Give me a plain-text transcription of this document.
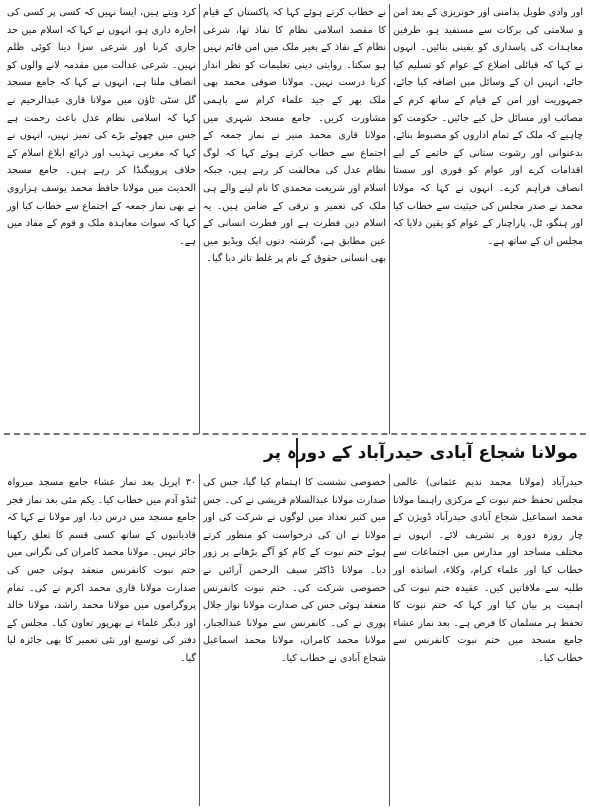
اور وادی طویل بدامنی اور خونریزی کے بعد امن و سلامتی کی برکات سے مستفید ہو، طرفین معاہدات کی پاسداری کو یقینی بنائیں۔ انہوں نے کہا کہ قبائلی اضلاع کے عوام کو تسلیم کیا جائے، انہیں ان کے وسائل میں اضافہ کیا جائے، جمہوریت اور امن کے قیام کے ساتھ کرم کے مصائب اور مسائل حل کیے جائیں۔ حکومت کو چاہیے کہ ملک کے تمام اداروں کو مضبوط بنائے، بدعنوانی اور رشوت ستانی کے خاتمے کے لیے اقدامات کرے اور عوام کو فوری اور سستا انصاف فراہم کرے۔ انہوں نے کہا کہ مولانا محمد نے صدر مجلس کی حیثیت سے خطاب کیا اور ہنگو، ٹل، پاراچنار کے عوام کو یقین دلایا کہ مجلس ان کے ساتھ ہے۔

نے خطاب کرتے ہوئے کہا کہ پاکستان کے قیام کا مقصد اسلامی نظام کا نفاذ تھا، شرعی نظام کے نفاذ کے بغیر ملک میں امن قائم نہیں ہو سکتا۔ روایتی دینی تعلیمات کو نظر انداز کرنا درست نہیں۔ مولانا صوفی محمد بھی ملک بھر کے جید علماء کرام سے باہمی مشاورت کریں۔ جامع مسجد شہری میں مولانا قاری محمد منیر نے نماز جمعہ کے اجتماع سے خطاب کرتے ہوئے کہا کہ لوگ نظام عدل کی مخالفت کر رہے ہیں، جبکہ اسلام اور شریعت محمدی کا نام لینے والے ہی ملک کی تعمیر و ترقی کے ضامن ہیں۔ یہ اسلام دین فطرت ہے اور فطرت انسانی کے عین مطابق ہے، گزشتہ دنوں ایک ویڈیو میں بھی انسانی حقوق کے نام پر غلط تاثر دیا گیا۔

کرد ویتے ہیں، ایسا نہیں کہ کسی پر کسی کی اجارہ داری ہو، انہوں نے کہا کہ اسلام میں حد جاری کرنا اور شرعی سزا دینا کوئی ظلم نہیں۔ شرعی عدالت میں مقدمہ لانے والوں کو انصاف ملتا ہے، انہوں نے کہا کہ جامع مسجد گل سٹی ٹاؤن میں مولانا قاری عبدالرحیم نے کہا کہ اسلامی نظام عدل باعث رحمت ہے جس میں چھوٹے بڑے کی تمیز نہیں، انہوں نے کہا کہ مغربی تہذیب اور ذرائع ابلاغ اسلام کے خلاف پروپیگنڈا کر رہے ہیں۔ جامع مسجد الحدیث میں مولانا حافظ محمد یوسف ہزاروی نے بھی نماز جمعہ کے اجتماع سے خطاب کیا اور کہا کہ سوات معاہدہ ملک و قوم کے مفاد میں ہے۔

مولانا شجاع آبادی حیدرآباد کے دورہ پر

حیدرآباد (مولانا محمد ندیم عثمانی) عالمی مجلس تحفظ ختم نبوت کے مرکزی راہنما مولانا محمد اسماعیل شجاع آبادی حیدرآباد ڈویژن کے چار روزہ دورہ پر تشریف لائے۔ انہوں نے مختلف مساجد اور مدارس میں اجتماعات سے خطاب کیا اور علماء کرام، وکلاء، اساتذہ اور طلبہ سے ملاقاتیں کیں۔ عقیدہ ختم نبوت کی اہمیت پر بیان کیا اور کہا کہ ختم نبوت کا تحفظ ہر مسلمان کا فرض ہے۔ بعد نماز عشاء جامع مسجد میں ختم نبوت کانفرنس سے خطاب کیا۔

خصوصی نشست کا اہتمام کیا گیا، جس کی صدارت مولانا عبدالسلام قریشی نے کی۔ جس میں کثیر تعداد میں لوگوں نے شرکت کی اور مولانا نے ان کی درخواست کو منظور کرتے ہوئے ختم نبوت کے کام کو آگے بڑھانے پر زور دیا۔ مولانا ڈاکٹر سیف الرحمن آرائیں نے خصوصی شرکت کی۔ ختم نبوت کانفرنس منعقد ہوئی جس کی صدارت مولانا نواز جلال پوری نے کی۔ کانفرنس سے مولانا عبدالجبار، مولانا محمد کامران، مولانا محمد اسماعیل شجاع آبادی نے خطاب کیا۔

۳۰ اپریل بعد نماز عشاء جامع مسجد میرواہ ٹنڈو آدم میں خطاب کیا۔ یکم مئی بعد نماز فجر جامع مسجد میں درس دیا، اور مولانا نے کہا کہ قادیانیوں کے ساتھ کسی قسم کا تعلق رکھنا جائز نہیں۔ مولانا محمد کامران کی نگرانی میں ختم نبوت کانفرنس منعقد ہوئی جس کی صدارت مولانا قاری محمد اکرم نے کی۔ تمام پروگراموں میں مولانا محمد راشد، مولانا خالد اور دیگر علماء نے بھرپور تعاون کیا۔ مجلس کے دفتر کی توسیع اور نئی تعمیر کا بھی جائزہ لیا گیا۔
